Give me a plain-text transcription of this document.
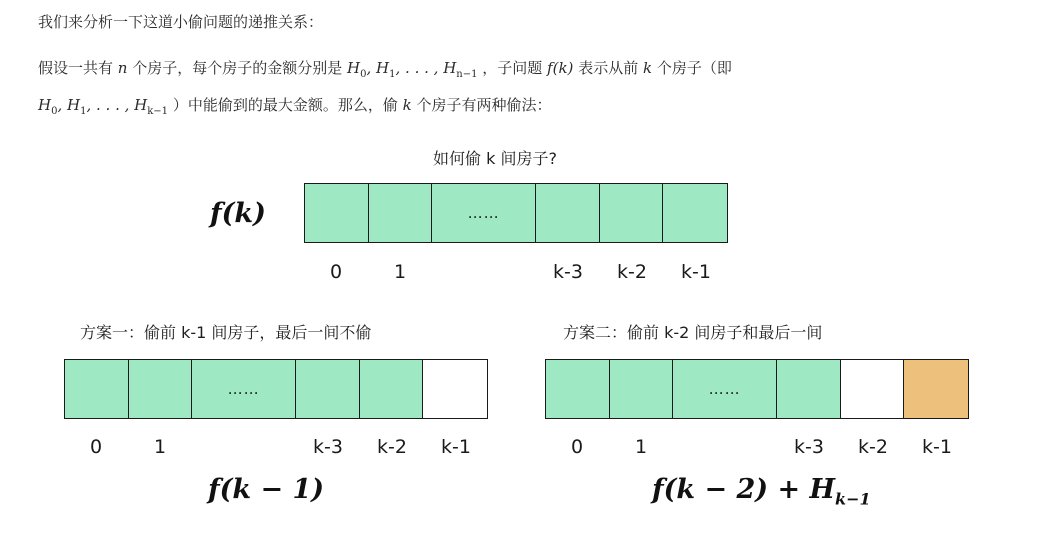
我们来分析一下这道小偷问题的递推关系：
假设一共有 n 个房子，每个房子的金额分别是 $H_0$, $H_1$, . . . , $H_{n-1}$ ，子问题 f(k) 表示从前 k 个房子（即
$H_0$, $H_1$, . . . , $H_{k-1}$ ）中能偷到的最大金额。那么，偷 k 个房子有两种偷法：
如何偷 k 间房子?
f(k)	……
0	1	k-3	k-2	k-1
方案一：偷前 k-1 间房子，最后一间不偷
……
0	1	k-3	k-2	k-1
f(k − 1)
方案二：偷前 k-2 间房子和最后一间
……
0	1	k-3	k-2	k-1
$f(k - 2) + H_{k-1}$
